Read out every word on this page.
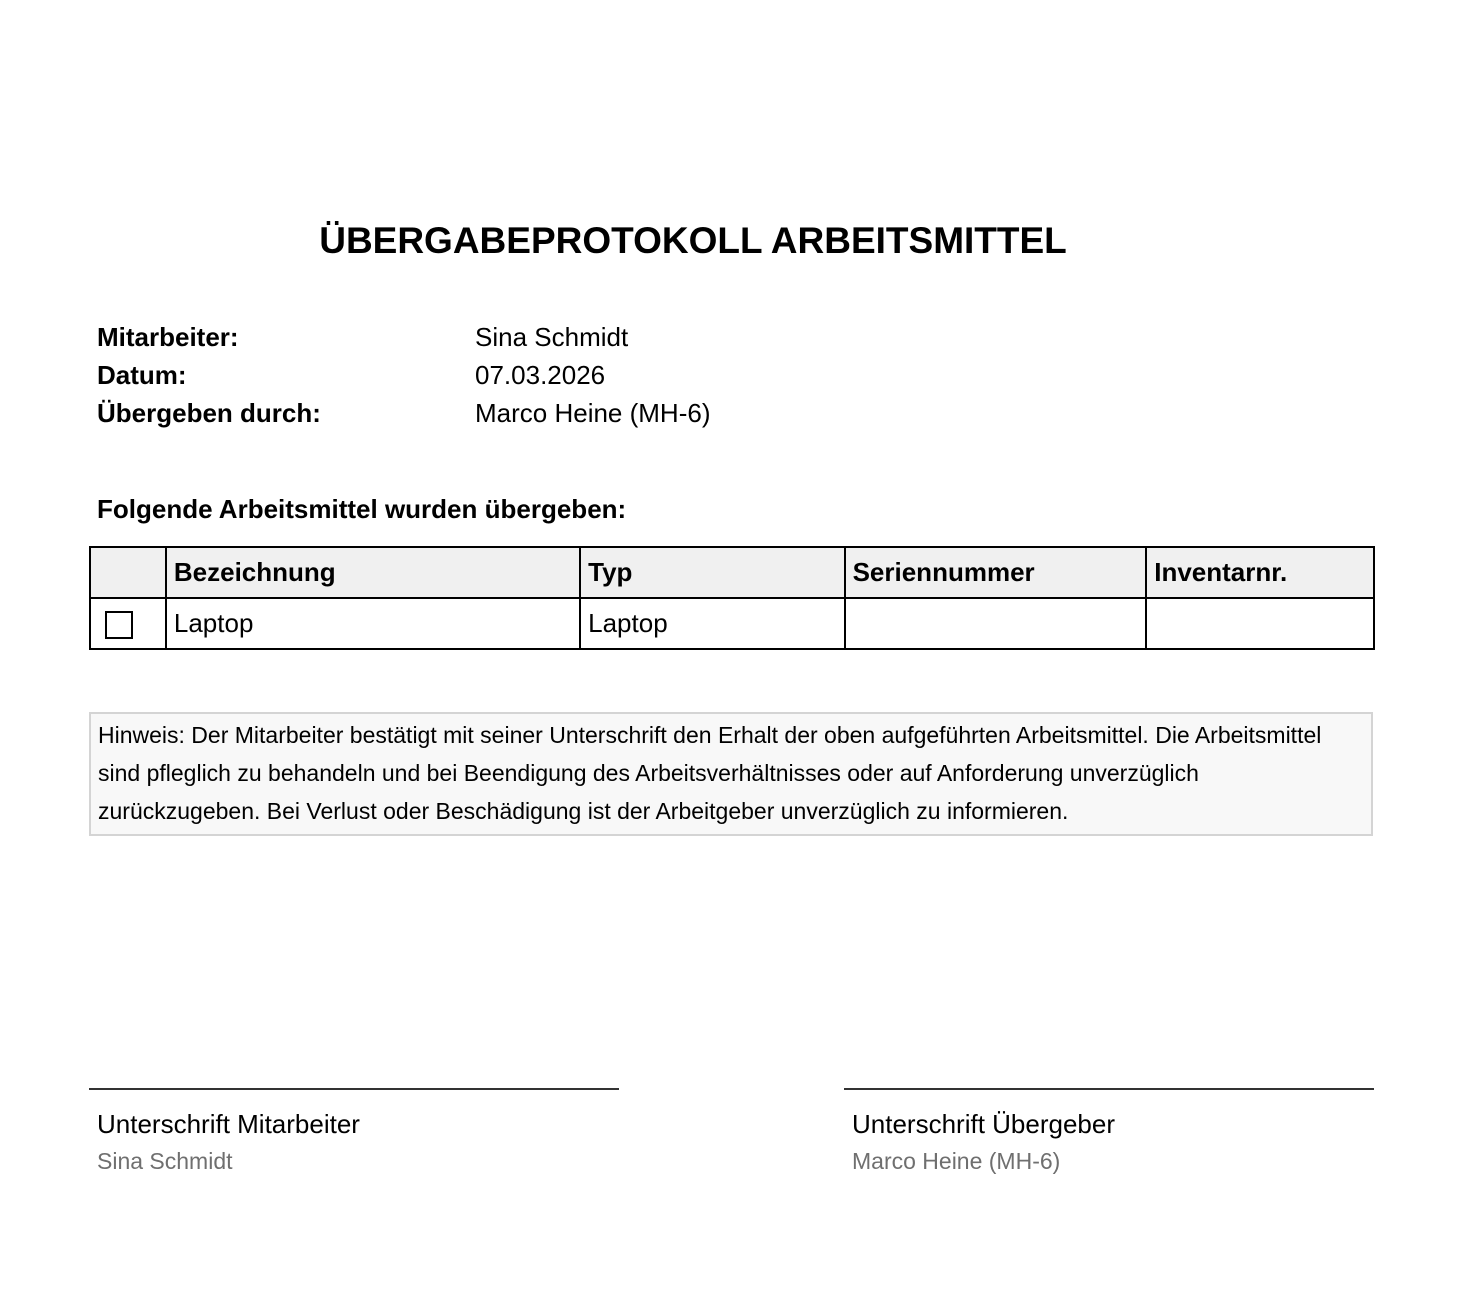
ÜBERGABEPROTOKOLL ARBEITSMITTEL
Mitarbeiter:	Sina Schmidt
Datum:	07.03.2026
Übergeben durch:	Marco Heine (MH-6)
Folgende Arbeitsmittel wurden übergeben:
	Bezeichnung	Typ	Seriennummer	Inventarnr.
	Laptop	Laptop		
Hinweis: Der Mitarbeiter bestätigt mit seiner Unterschrift den Erhalt der oben aufgeführten Arbeitsmittel. Die Arbeitsmittel sind pfleglich zu behandeln und bei Beendigung des Arbeitsverhältnisses oder auf Anforderung unverzüglich zurückzugeben. Bei Verlust oder Beschädigung ist der Arbeitgeber unverzüglich zu informieren.
Unterschrift Mitarbeiter
Sina Schmidt
Unterschrift Übergeber
Marco Heine (MH-6)
